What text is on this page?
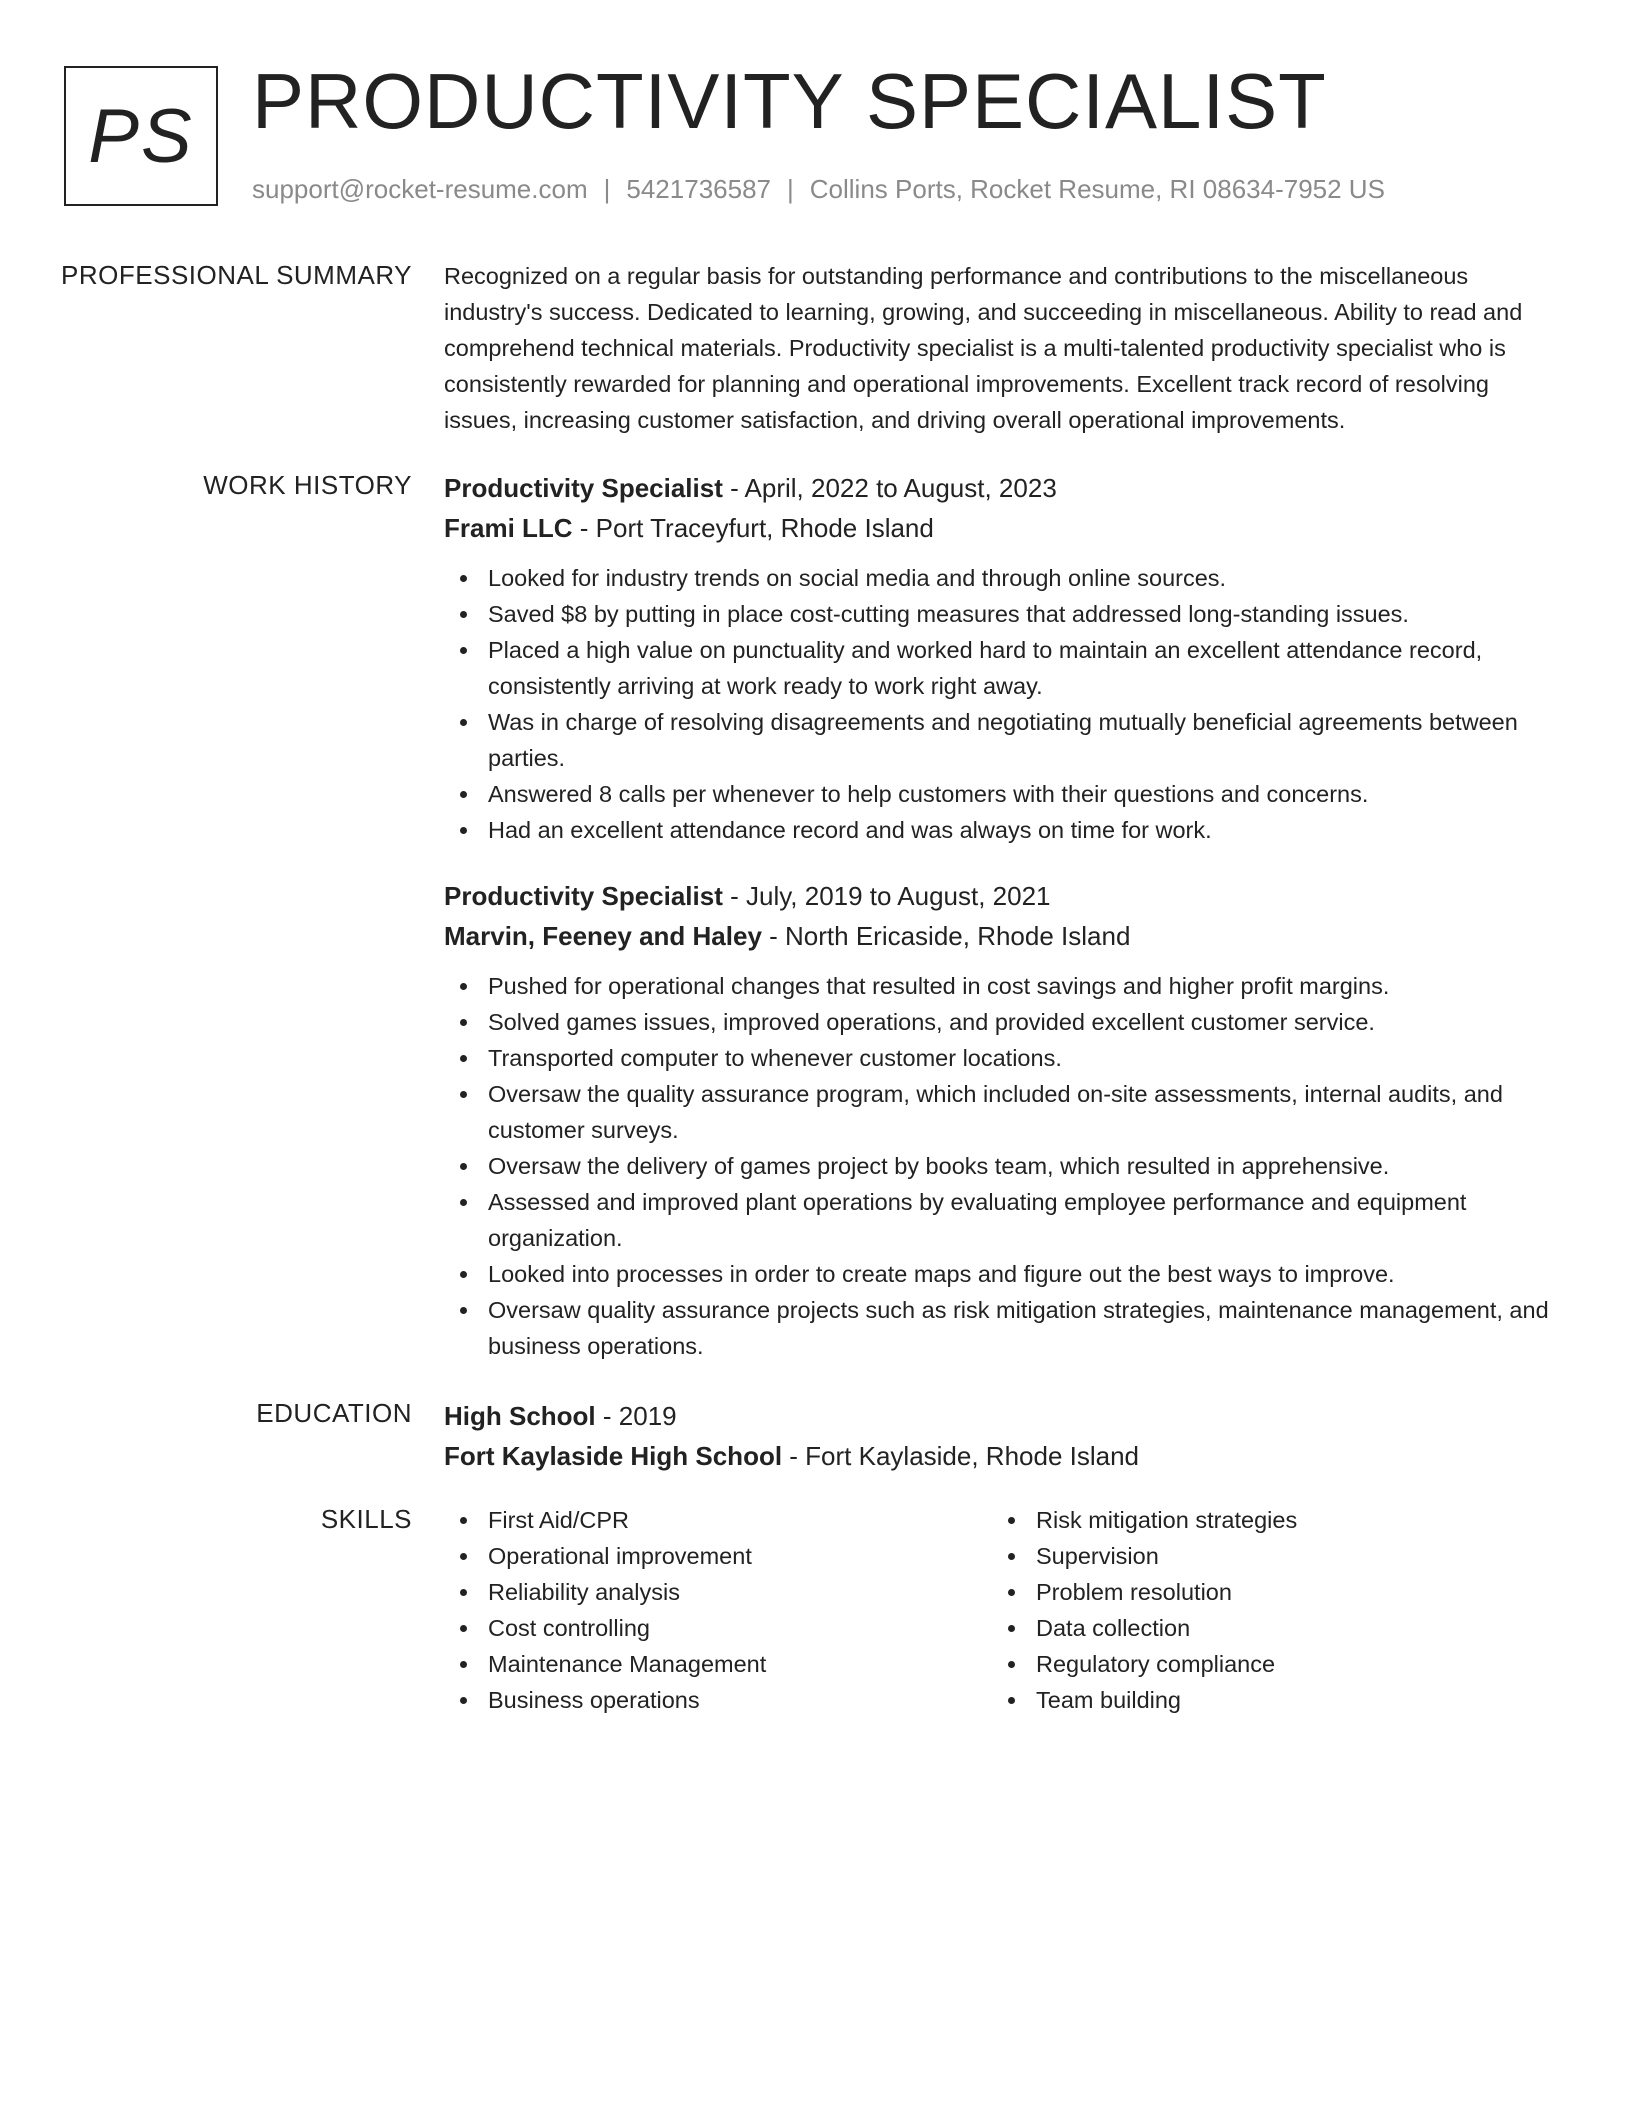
PS PRODUCTIVITY SPECIALIST
support@rocket-resume.com | 5421736587 | Collins Ports, Rocket Resume, RI 08634-7952 US
PROFESSIONAL SUMMARY Recognized on a regular basis for outstanding performance and contributions to the miscellaneous industry's success. Dedicated to learning, growing, and succeeding in miscellaneous. Ability to read and comprehend technical materials. Productivity specialist is a multi-talented productivity specialist who is consistently rewarded for planning and operational improvements. Excellent track record of resolving issues, increasing customer satisfaction, and driving overall operational improvements.

WORK HISTORY Productivity Specialist - April, 2022 to August, 2023
Frami LLC - Port Traceyfurt, Rhode Island
Looked for industry trends on social media and through online sources.
Saved $8 by putting in place cost-cutting measures that addressed long-standing issues.
Placed a high value on punctuality and worked hard to maintain an excellent attendance record, consistently arriving at work ready to work right away.
Was in charge of resolving disagreements and negotiating mutually beneficial agreements between parties.
Answered 8 calls per whenever to help customers with their questions and concerns.
Had an excellent attendance record and was always on time for work.
Productivity Specialist - July, 2019 to August, 2021
Marvin, Feeney and Haley - North Ericaside, Rhode Island
Pushed for operational changes that resulted in cost savings and higher profit margins.
Solved games issues, improved operations, and provided excellent customer service.
Transported computer to whenever customer locations.
Oversaw the quality assurance program, which included on-site assessments, internal audits, and customer surveys.
Oversaw the delivery of games project by books team, which resulted in apprehensive.
Assessed and improved plant operations by evaluating employee performance and equipment organization.
Looked into processes in order to create maps and figure out the best ways to improve.
Oversaw quality assurance projects such as risk mitigation strategies, maintenance management, and business operations.
EDUCATION High School - 2019
Fort Kaylaside High School - Fort Kaylaside, Rhode Island
SKILLS	First Aid/CPR
Operational improvement
Reliability analysis
Cost controlling
Maintenance Management
Business operations
Risk mitigation strategies
Supervision
Problem resolution
Data collection
Regulatory compliance
Team building
